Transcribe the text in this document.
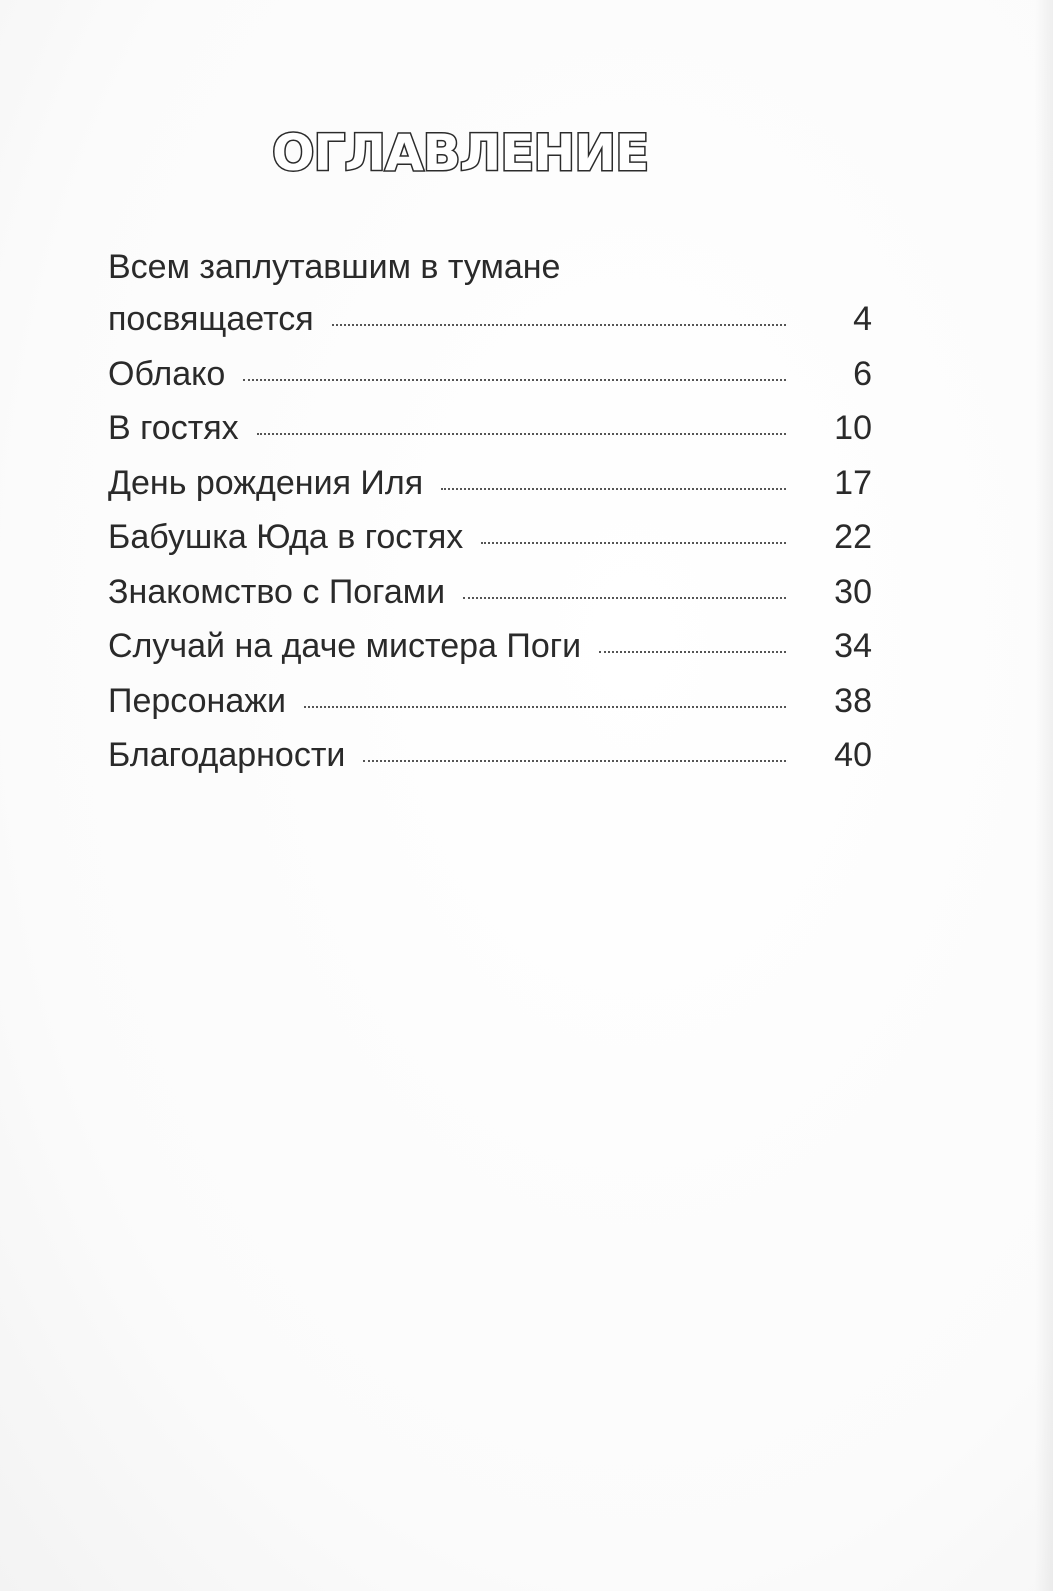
ОГЛАВЛЕНИЕ
Всем заплутавшим в тумане
посвящается	4
Облако	6
В гостях	10
День рождения Иля	17
Бабушка Юда в гостях	22
Знакомство с Погами	30
Случай на даче мистера Поги	34
Персонажи	38
Благодарности	40
